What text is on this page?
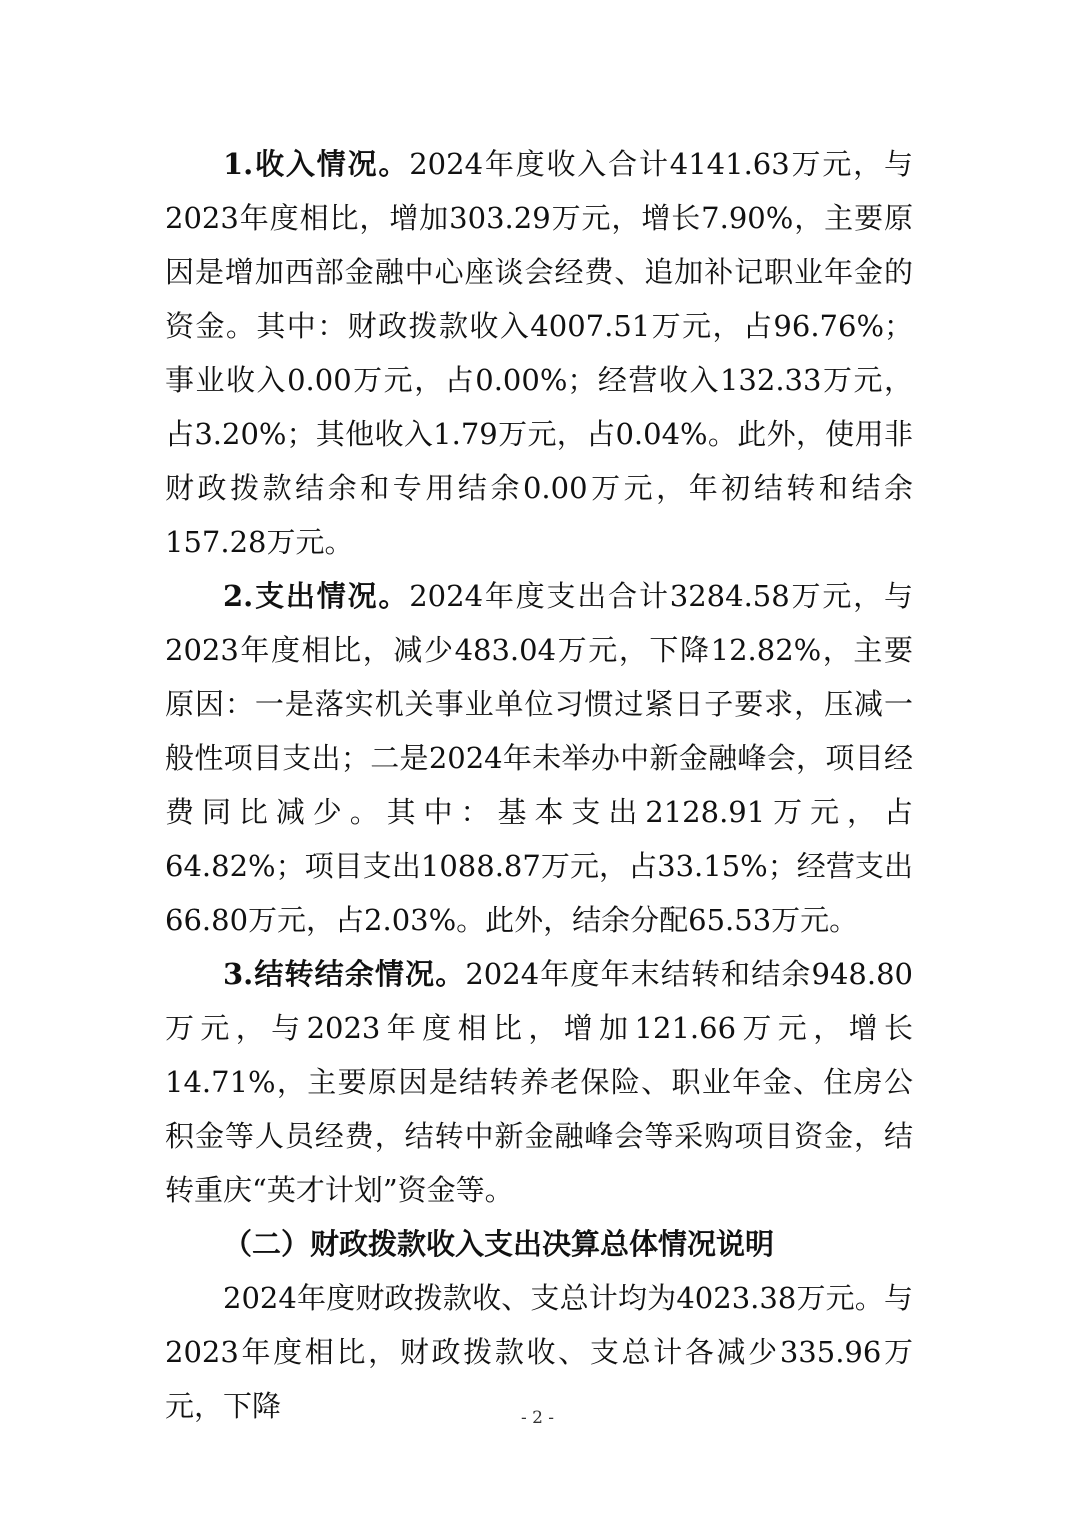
1.收入情况。2024年度收入合计4141.63万元，与2023年度相比，增加303.29万元，增长7.90%，主要原因是增加西部金融中心座谈会经费、追加补记职业年金的资金。其中：财政拨款收入4007.51万元，占96.76%；事业收入0.00万元，占0.00%；经营收入132.33万元，占3.20%；其他收入1.79万元，占0.04%。此外，使用非财政拨款结余和专用结余0.00万元，年初结转和结余157.28万元。

2.支出情况。2024年度支出合计3284.58万元，与2023年度相比，减少483.04万元，下降12.82%，主要原因：一是落实机关事业单位习惯过紧日子要求，压减一般性项目支出；二是2024年未举办中新金融峰会，项目经费同比减少。其中：基本支出2128.91万元，占64.82%；项目支出1088.87万元，占33.15%；经营支出66.80万元，占2.03%。此外，结余分配65.53万元。

3.结转结余情况。2024年度年末结转和结余948.80万元，与2023年度相比，增加121.66万元，增长14.71%，主要原因是结转养老保险、职业年金、住房公积金等人员经费，结转中新金融峰会等采购项目资金，结转重庆“英才计划”资金等。

（二）财政拨款收入支出决算总体情况说明

2024年度财政拨款收、支总计均为4023.38万元。与2023年度相比，财政拨款收、支总计各减少335.96万元，下降	- 2 -
